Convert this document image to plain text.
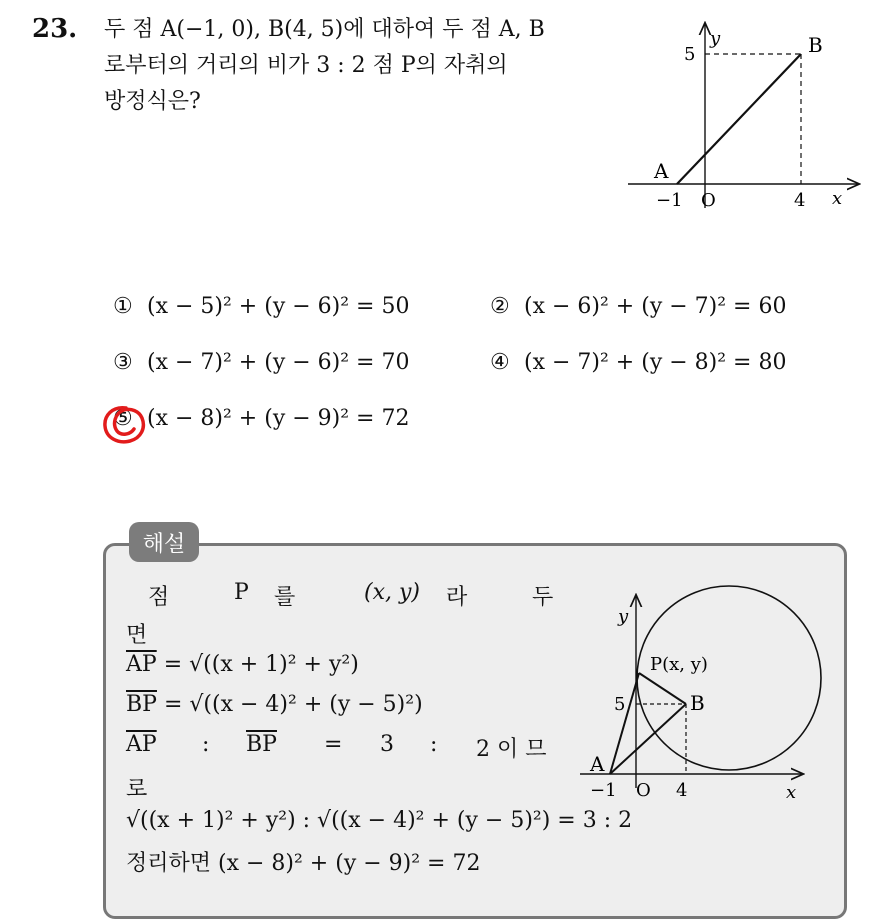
23. 두 점 A(−1, 0), B(4, 5)에 대하여 두 점 A, B
로부터의 거리의 비가 3 : 2 점 P의 자취의
방정식은?
y
5	B
A
−1 O	4 x
① (x − 5)² + (y − 6)² = 50	② (x − 6)² + (y − 7)² = 60
③ (x − 7)² + (y − 6)² = 70	④ (x − 7)² + (y − 8)² = 80
⑤ (x − 8)² + (y − 9)² = 72
해설
점	P 를	(x, y) 라	두
면
$\overline{AP} = √((x + 1)^2 + y^2)$
$\overline{BP} = √((x - 4)^2 + (y - 5)^2)$
$\overline{AP}$ : $\overline{BP} = 3$ : 2 이 므
로
√((x + 1)² + y²) : √((x − 4)² + (y − 5)²) = 3 : 2
정리하면 (x − 8)² + (y − 9)² = 72
y
P(x, y)
5	B
A
−1 O 4	x
